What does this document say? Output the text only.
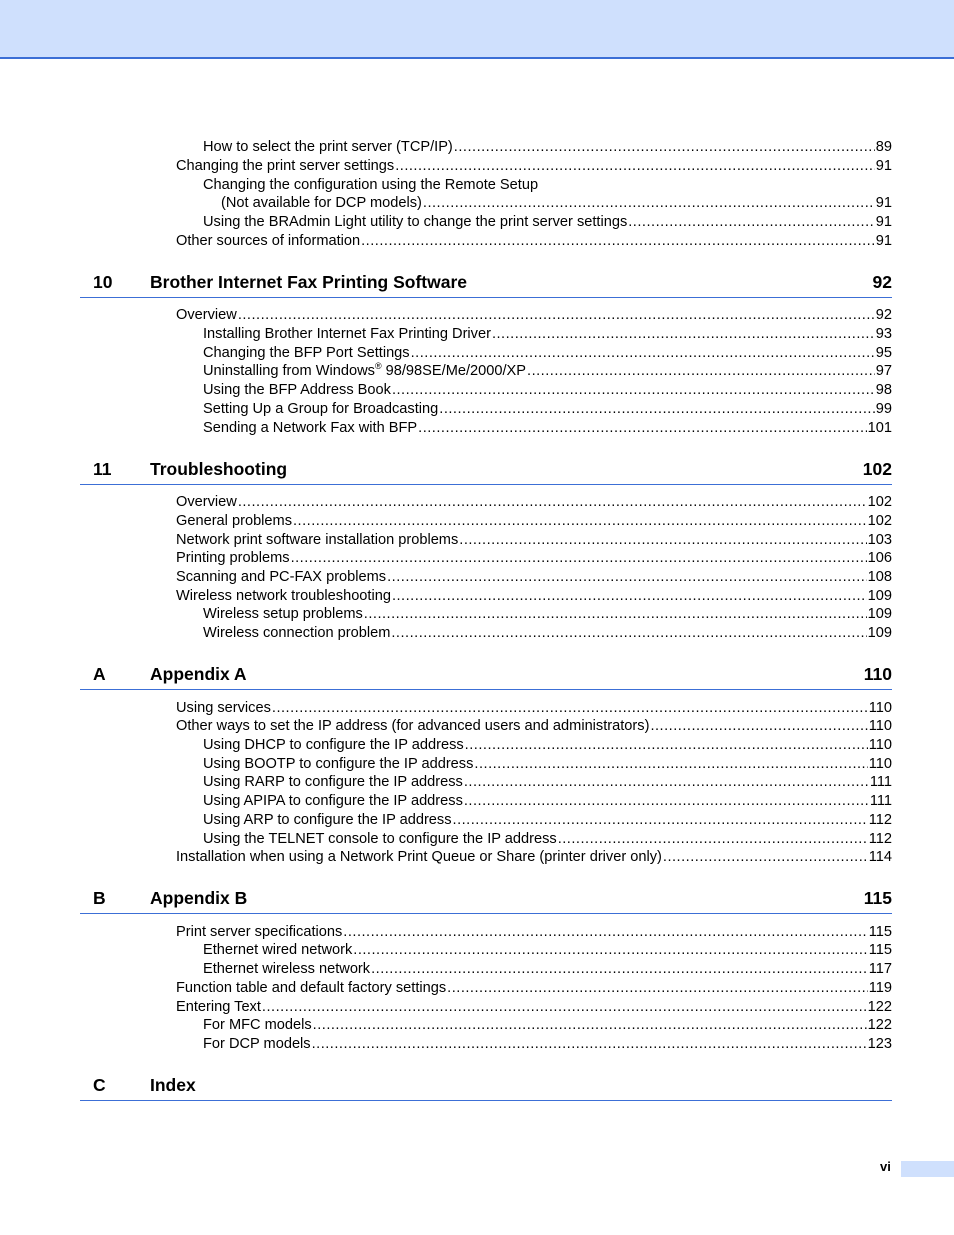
How to select the print server (TCP/IP) .....	89
Changing the print server settings .....	91
Changing the configuration using the Remote Setup
(Not available for DCP models) .....	91
Using the BRAdmin Light utility to change the print server settings .....	91
Other sources of information .....	91
10 Brother Internet Fax Printing Software	92
Overview .....	92
Installing Brother Internet Fax Printing Driver .....	93
Changing the BFP Port Settings .....	95
Uninstalling from Windows® 98/98SE/Me/2000/XP .....	97
Using the BFP Address Book .....	98
Setting Up a Group for Broadcasting .....	99
Sending a Network Fax with BFP .....	101
11 Troubleshooting	102
Overview .....	102
General problems .....	102
Network print software installation problems .....	103
Printing problems .....	106
Scanning and PC-FAX problems .....	108
Wireless network troubleshooting .....	109
Wireless setup problems .....	109
Wireless connection problem .....	109
A	Appendix A	110
Using services .....	110
Other ways to set the IP address (for advanced users and administrators) .....	110
Using DHCP to configure the IP address .....	110
Using BOOTP to configure the IP address .....	110
Using RARP to configure the IP address .....	111
Using APIPA to configure the IP address .....	111
Using ARP to configure the IP address .....	112
Using the TELNET console to configure the IP address .....	112
Installation when using a Network Print Queue or Share (printer driver only) .....	114
B	Appendix B	115
Print server specifications .....	115
Ethernet wired network .....	115
Ethernet wireless network .....	117
Function table and default factory settings .....	119
Entering Text .....	122
For MFC models .....	122
For DCP models .....	123
C	Index
vi
